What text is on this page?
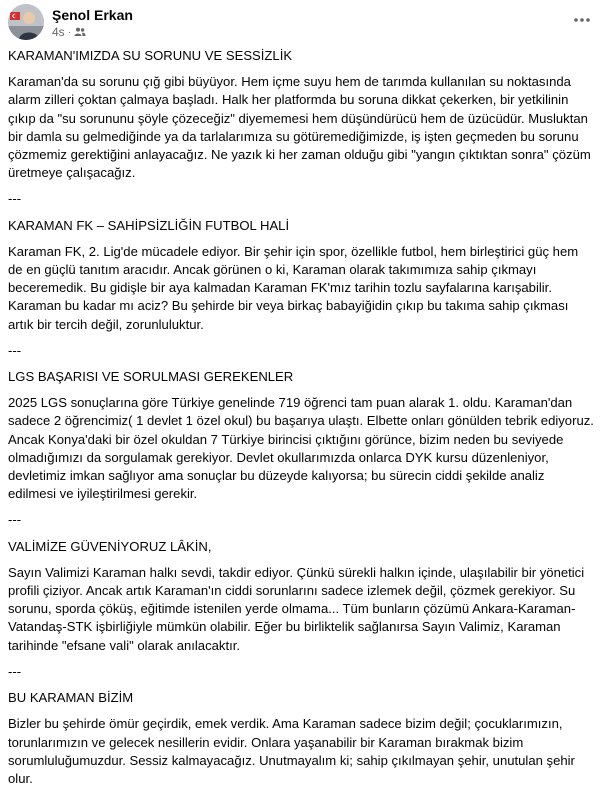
Şenol Erkan
4s ·

KARAMAN'IMIZDA SU SORUNU VE SESSİZLİK

Karaman'da su sorunu çığ gibi büyüyor. Hem içme suyu hem de tarımda kullanılan su noktasında alarm zilleri çoktan çalmaya başladı. Halk her platformda bu soruna dikkat çekerken, bir yetkilinin çıkıp da "su sorununu şöyle çözeceğiz" diyememesi hem düşündürücü hem de üzücüdür. Musluktan bir damla su gelmediğinde ya da tarlalarımıza su götüremediğimizde, iş işten geçmeden bu sorunu çözmemiz gerektiğini anlayacağız. Ne yazık ki her zaman olduğu gibi "yangın çıktıktan sonra" çözüm üretmeye çalışacağız.

---

KARAMAN FK – SAHİPSİZLİĞİN FUTBOL HALİ

Karaman FK, 2. Lig'de mücadele ediyor. Bir şehir için spor, özellikle futbol, hem birleştirici güç hem de en güçlü tanıtım aracıdır. Ancak görünen o ki, Karaman olarak takımımıza sahip çıkmayı beceremedik. Bu gidişle bir aya kalmadan Karaman FK'mız tarihin tozlu sayfalarına karışabilir. Karaman bu kadar mı aciz? Bu şehirde bir veya birkaç babayiğidin çıkıp bu takıma sahip çıkması artık bir tercih değil, zorunluluktur.

---

LGS BAŞARISI VE SORULMASI GEREKENLER

2025 LGS sonuçlarına göre Türkiye genelinde 719 öğrenci tam puan alarak 1. oldu. Karaman'dan sadece 2 öğrencimiz( 1 devlet 1 özel okul) bu başarıya ulaştı. Elbette onları gönülden tebrik ediyoruz. Ancak Konya'daki bir özel okuldan 7 Türkiye birincisi çıktığını görünce, bizim neden bu seviyede olmadığımızı da sorgulamak gerekiyor. Devlet okullarımızda onlarca DYK kursu düzenleniyor, devletimiz imkan sağlıyor ama sonuçlar bu düzeyde kalıyorsa; bu sürecin ciddi şekilde analiz edilmesi ve iyileştirilmesi gerekir.

---

VALİMİZE GÜVENİYORUZ LÂKİN,

Sayın Valimizi Karaman halkı sevdi, takdir ediyor. Çünkü sürekli halkın içinde, ulaşılabilir bir yönetici profili çiziyor. Ancak artık Karaman'ın ciddi sorunlarını sadece izlemek değil, çözmek gerekiyor. Su sorunu, sporda çöküş, eğitimde istenilen yerde olmama... Tüm bunların çözümü Ankara-Karaman-Vatandaş-STK işbirliğiyle mümkün olabilir. Eğer bu birliktelik sağlanırsa Sayın Valimiz, Karaman tarihinde "efsane vali" olarak anılacaktır.

---

BU KARAMAN BİZİM

Bizler bu şehirde ömür geçirdik, emek verdik. Ama Karaman sadece bizim değil; çocuklarımızın, torunlarımızın ve gelecek nesillerin evidir. Onlara yaşanabilir bir Karaman bırakmak bizim sorumluluğumuzdur. Sessiz kalmayacağız. Unutmayalım ki; sahip çıkılmayan şehir, unutulan şehir olur.
